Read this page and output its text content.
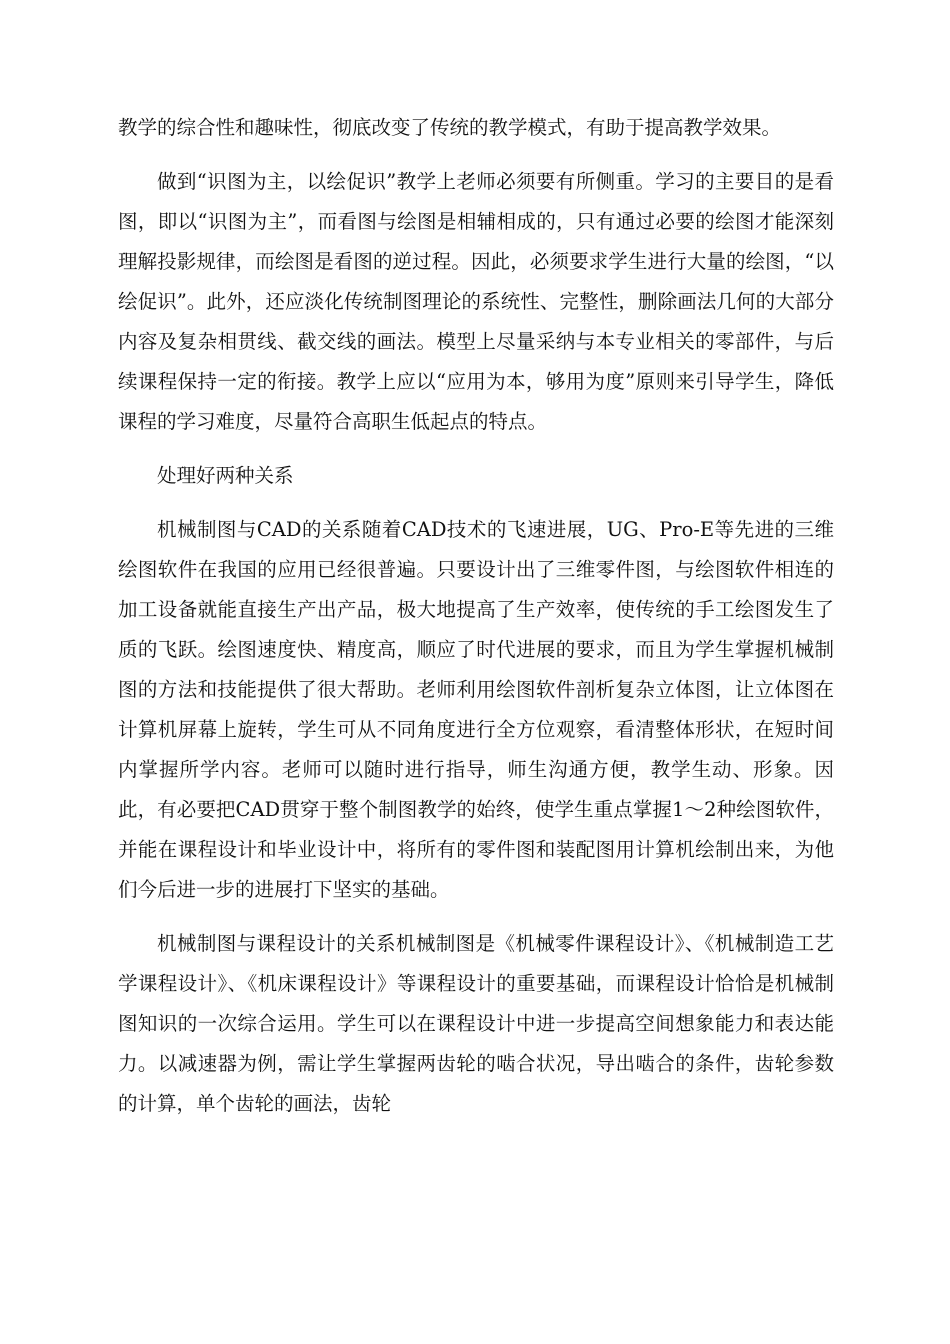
教学的综合性和趣味性，彻底改变了传统的教学模式，有助于提高教学效果。

做到“识图为主，以绘促识”教学上老师必须要有所侧重。学习的主要目的是看图，即以“识图为主”，而看图与绘图是相辅相成的，只有通过必要的绘图才能深刻理解投影规律，而绘图是看图的逆过程。因此，必须要求学生进行大量的绘图，“以绘促识”。此外，还应淡化传统制图理论的系统性、完整性，删除画法几何的大部分内容及复杂相贯线、截交线的画法。模型上尽量采纳与本专业相关的零部件，与后续课程保持一定的衔接。教学上应以“应用为本，够用为度”原则来引导学生，降低课程的学习难度，尽量符合高职生低起点的特点。

处理好两种关系

机械制图与CAD的关系随着CAD技术的飞速进展，UG、Pro-E等先进的三维绘图软件在我国的应用已经很普遍。只要设计出了三维零件图，与绘图软件相连的加工设备就能直接生产出产品，极大地提高了生产效率，使传统的手工绘图发生了质的飞跃。绘图速度快、精度高，顺应了时代进展的要求，而且为学生掌握机械制图的方法和技能提供了很大帮助。老师利用绘图软件剖析复杂立体图，让立体图在计算机屏幕上旋转，学生可从不同角度进行全方位观察，看清整体形状，在短时间内掌握所学内容。老师可以随时进行指导，师生沟通方便，教学生动、形象。因此，有必要把CAD贯穿于整个制图教学的始终，使学生重点掌握1～2种绘图软件，并能在课程设计和毕业设计中，将所有的零件图和装配图用计算机绘制出来，为他们今后进一步的进展打下坚实的基础。

机械制图与课程设计的关系机械制图是《机械零件课程设计》、《机械制造工艺学课程设计》、《机床课程设计》等课程设计的重要基础，而课程设计恰恰是机械制图知识的一次综合运用。学生可以在课程设计中进一步提高空间想象能力和表达能力。以减速器为例，需让学生掌握两齿轮的啮合状况，导出啮合的条件，齿轮参数的计算，单个齿轮的画法，齿轮
